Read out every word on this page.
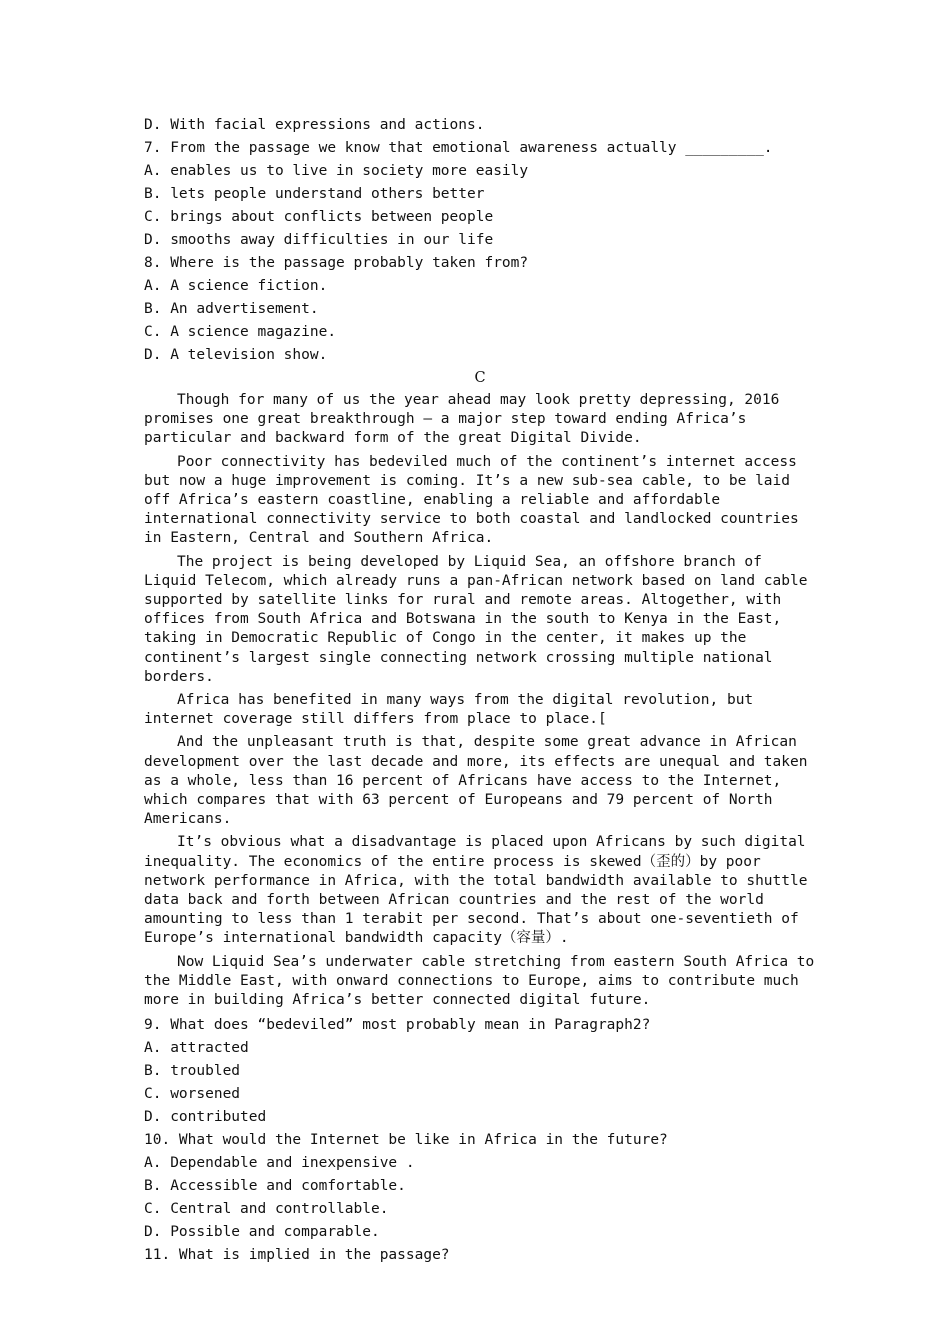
D. With facial expressions and actions.
7. From the passage we know that emotional awareness actually _________.
A. enables us to live in society more easily
B. lets people understand others better
C. brings about conflicts between people
D. smooths away difficulties in our life
8. Where is the passage probably taken from?
A. A science fiction.
B. An advertisement.
C. A science magazine.
D. A television show.
C

Though for many of us the year ahead may look pretty depressing, 2016 promises one great breakthrough — a major step toward ending Africa’s particular and backward form of the great Digital Divide.

Poor connectivity has bedeviled much of the continent’s internet access but now a huge improvement is coming. It’s a new sub-sea cable, to be laid off Africa’s eastern coastline, enabling a reliable and affordable international connectivity service to both coastal and landlocked countries in Eastern, Central and Southern Africa.

The project is being developed by Liquid Sea, an offshore branch of Liquid Telecom, which already runs a pan-African network based on land cable supported by satellite links for rural and remote areas. Altogether, with offices from South Africa and Botswana in the south to Kenya in the East, taking in Democratic Republic of Congo in the center, it makes up the continent’s largest single connecting network crossing multiple national borders.

Africa has benefited in many ways from the digital revolution, but internet coverage still differs from place to place.[

And the unpleasant truth is that, despite some great advance in African development over the last decade and more, its effects are unequal and taken as a whole, less than 16 percent of Africans have access to the Internet, which compares that with 63 percent of Europeans and 79 percent of North Americans.

It’s obvious what a disadvantage is placed upon Africans by such digital inequality. The economics of the entire process is skewed（歪的）by poor network performance in Africa, with the total bandwidth available to shuttle data back and forth between African countries and the rest of the world amounting to less than 1 terabit per second. That’s about one-seventieth of Europe’s international bandwidth capacity（容量）.

Now Liquid Sea’s underwater cable stretching from eastern South Africa to the Middle East, with onward connections to Europe, aims to contribute much more in building Africa’s better connected digital future.

9. What does “bedeviled” most probably mean in Paragraph2?
A. attracted
B. troubled
C. worsened
D. contributed
10. What would the Internet be like in Africa in the future?
A. Dependable and inexpensive .
B. Accessible and comfortable.
C. Central and controllable.
D. Possible and comparable.
11. What is implied in the passage?
